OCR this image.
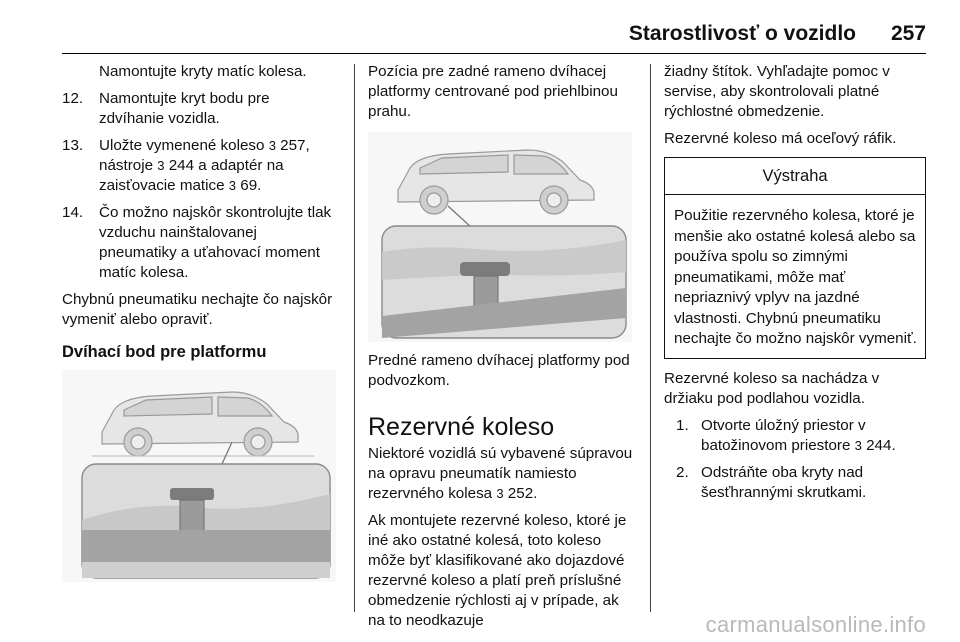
Starostlivosť o vozidlo 257
Namontujte kryty matíc kolesa.
12. Namontujte kryt bodu pre zdvíhanie vozidla.
13. Uložte vymenené koleso 3 257, nástroje 3 244 a adaptér na zaisťovacie matice 3 69.
14. Čo možno najskôr skontrolujte tlak vzduchu nainštalovanej pneumatiky a uťahovací moment matíc kolesa.

Chybnú pneumatiku nechajte čo najskôr vymeniť alebo opraviť.

Dvíhací bod pre platformu

Pozícia pre zadné rameno dvíhacej platformy centrované pod priehlbinou prahu.

Predné rameno dvíhacej platformy pod podvozkom.

Rezervné koleso

Niektoré vozidlá sú vybavené súpravou na opravu pneumatík namiesto rezervného kolesa 3 252.

Ak montujete rezervné koleso, ktoré je iné ako ostatné kolesá, toto koleso môže byť klasifikované ako dojazdové rezervné koleso a platí preň príslušné obmedzenie rýchlosti aj v prípade, ak na to neodkazuje

žiadny štítok. Vyhľadajte pomoc v servise, aby skontrolovali platné rýchlostné obmedzenie.

Rezervné koleso má oceľový ráfik.

Výstraha
Použitie rezervného kolesa, ktoré je menšie ako ostatné kolesá alebo sa používa spolu so zimnými pneumatikami, môže mať nepriaznivý vplyv na jazdné vlastnosti. Chybnú pneumatiku nechajte čo možno najskôr vymeniť.

Rezervné koleso sa nachádza v držiaku pod podlahou vozidla.

1. Otvorte úložný priestor v batožinovom priestore 3 244.
2. Odstráňte oba kryty nad šesťhrannými skrutkami.
carmanualsonline.info
